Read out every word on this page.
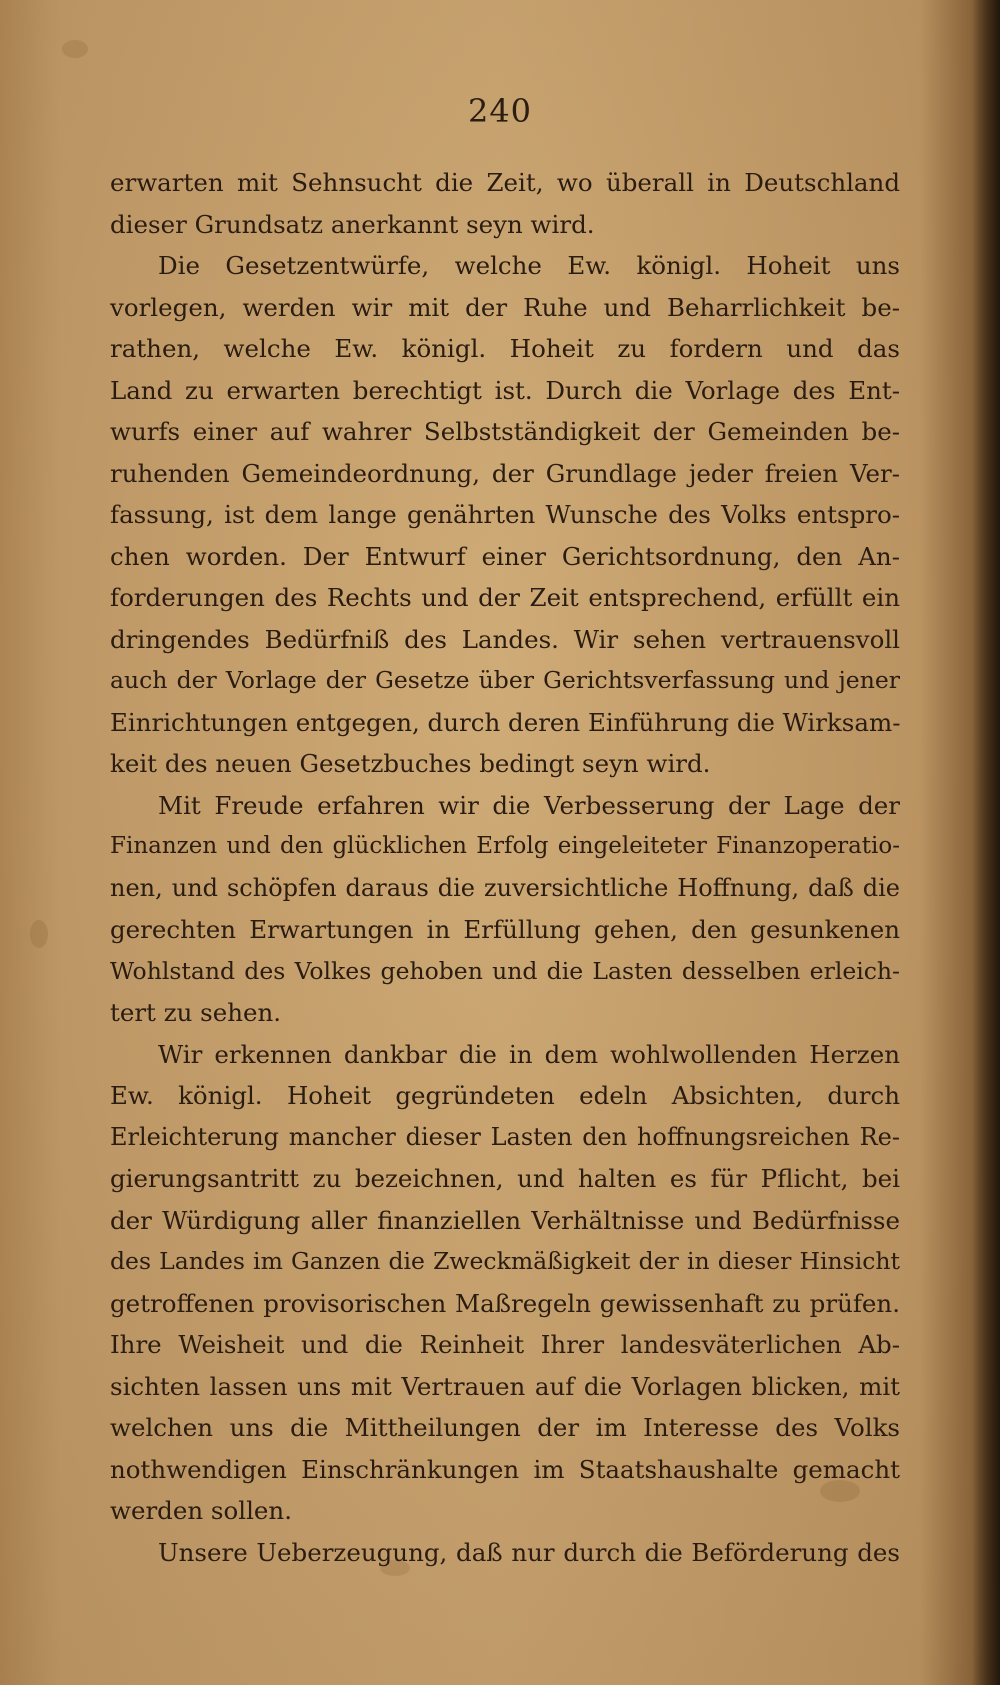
240
erwarten mit Sehnsucht die Zeit, wo überall in Deutschland
dieser Grundsatz anerkannt seyn wird.
Die Gesetzentwürfe, welche Ew. königl. Hoheit uns
vorlegen, werden wir mit der Ruhe und Beharrlichkeit be-
rathen, welche Ew. königl. Hoheit zu fordern und das
Land zu erwarten berechtigt ist. Durch die Vorlage des Ent-
wurfs einer auf wahrer Selbstständigkeit der Gemeinden be-
ruhenden Gemeindeordnung, der Grundlage jeder freien Ver-
fassung, ist dem lange genährten Wunsche des Volks entspro-
chen worden. Der Entwurf einer Gerichtsordnung, den An-
forderungen des Rechts und der Zeit entsprechend, erfüllt ein
dringendes Bedürfniß des Landes. Wir sehen vertrauensvoll
auch der Vorlage der Gesetze über Gerichtsverfassung und jener
Einrichtungen entgegen, durch deren Einführung die Wirksam-
keit des neuen Gesetzbuches bedingt seyn wird.
Mit Freude erfahren wir die Verbesserung der Lage der
Finanzen und den glücklichen Erfolg eingeleiteter Finanzoperatio-
nen, und schöpfen daraus die zuversichtliche Hoffnung, daß die
gerechten Erwartungen in Erfüllung gehen, den gesunkenen
Wohlstand des Volkes gehoben und die Lasten desselben erleich-
tert zu sehen.
Wir erkennen dankbar die in dem wohlwollenden Herzen
Ew. königl. Hoheit gegründeten edeln Absichten, durch
Erleichterung mancher dieser Lasten den hoffnungsreichen Re-
gierungsantritt zu bezeichnen, und halten es für Pflicht, bei
der Würdigung aller finanziellen Verhältnisse und Bedürfnisse
des Landes im Ganzen die Zweckmäßigkeit der in dieser Hinsicht
getroffenen provisorischen Maßregeln gewissenhaft zu prüfen.
Ihre Weisheit und die Reinheit Ihrer landesväterlichen Ab-
sichten lassen uns mit Vertrauen auf die Vorlagen blicken, mit
welchen uns die Mittheilungen der im Interesse des Volks
nothwendigen Einschränkungen im Staatshaushalte gemacht
werden sollen.
Unsere Ueberzeugung, daß nur durch die Beförderung des
